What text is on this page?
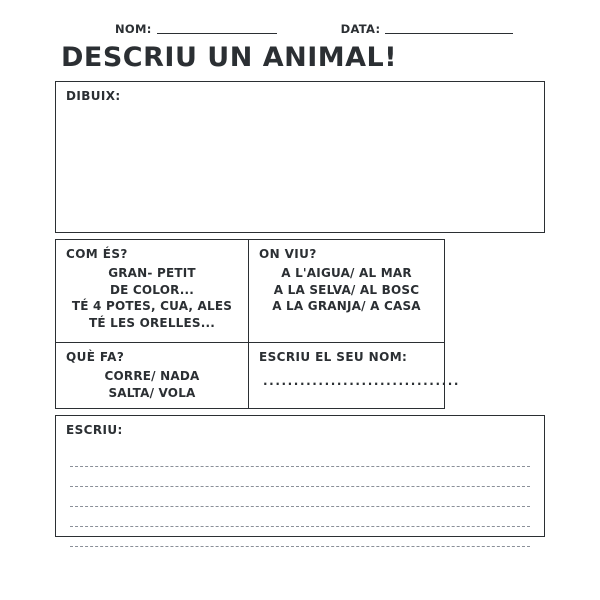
NOM:	DATA:
DESCRIU UN ANIMAL!
DIBUIX:
COM ÉS?
GRAN- PETIT
DE COLOR...
TÉ 4 POTES, CUA, ALES
TÉ LES ORELLES...
QUÈ FA?
CORRE/ NADA
SALTA/ VOLA
ON VIU?
A L'AIGUA/ AL MAR
A LA SELVA/ AL BOSC
A LA GRANJA/ A CASA
ESCRIU EL SEU NOM:
................................
ESCRIU:
